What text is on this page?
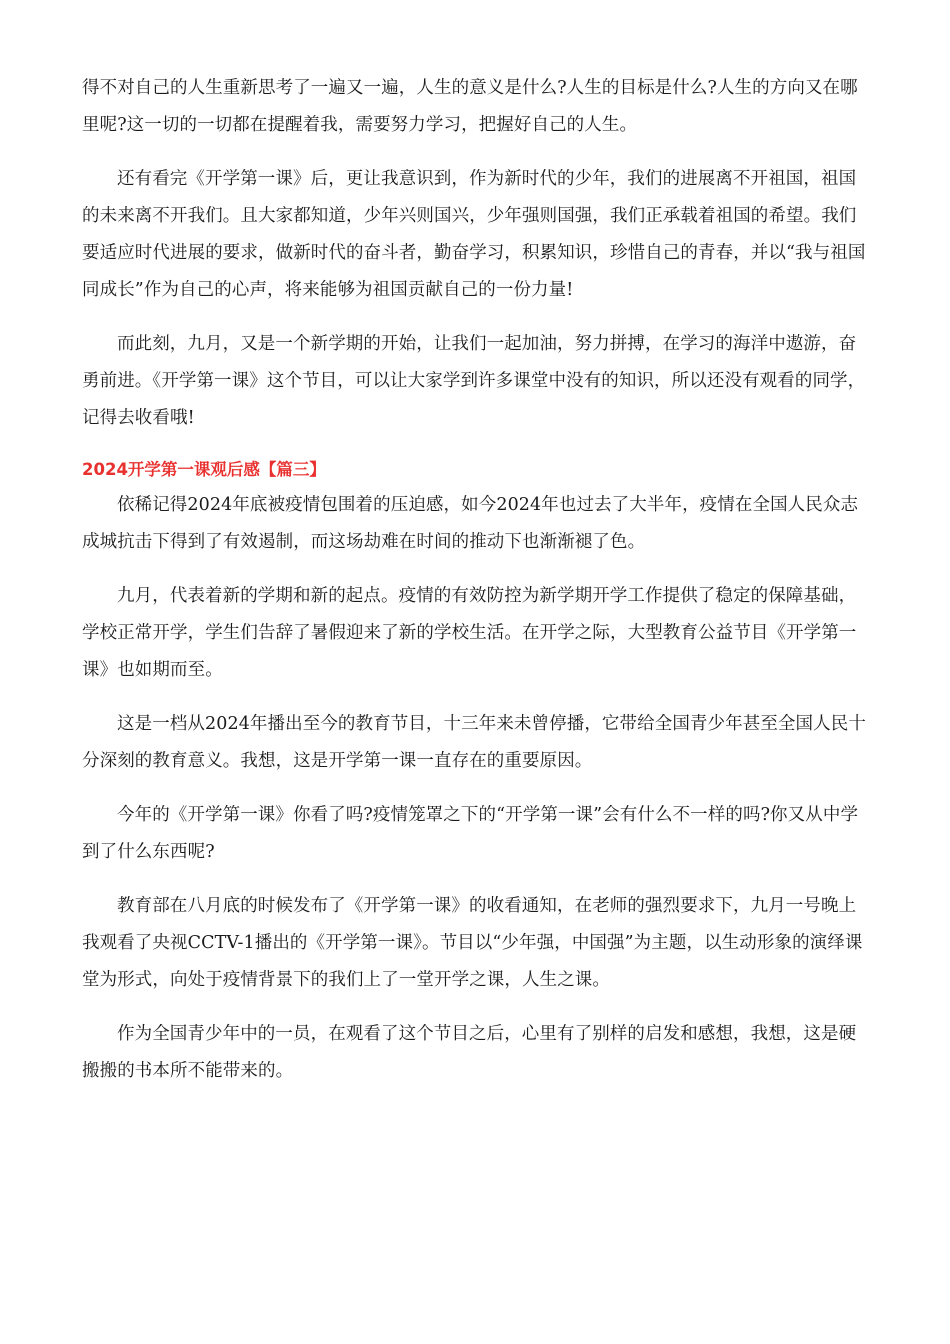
得不对自己的人生重新思考了一遍又一遍，人生的意义是什么?人生的目标是什么?人生的方向又在哪里呢?这一切的一切都在提醒着我，需要努力学习，把握好自己的人生。

还有看完《开学第一课》后，更让我意识到，作为新时代的少年，我们的进展离不开祖国，祖国的未来离不开我们。且大家都知道，少年兴则国兴，少年强则国强，我们正承载着祖国的希望。我们要适应时代进展的要求，做新时代的奋斗者，勤奋学习，积累知识，珍惜自己的青春，并以“我与祖国同成长”作为自己的心声，将来能够为祖国贡献自己的一份力量!

而此刻，九月，又是一个新学期的开始，让我们一起加油，努力拼搏，在学习的海洋中遨游，奋勇前进。《开学第一课》这个节目，可以让大家学到许多课堂中没有的知识，所以还没有观看的同学，记得去收看哦!

2024开学第一课观后感【篇三】

依稀记得2024年底被疫情包围着的压迫感，如今2024年也过去了大半年，疫情在全国人民众志成城抗击下得到了有效遏制，而这场劫难在时间的推动下也渐渐褪了色。

九月，代表着新的学期和新的起点。疫情的有效防控为新学期开学工作提供了稳定的保障基础，学校正常开学，学生们告辞了暑假迎来了新的学校生活。在开学之际，大型教育公益节目《开学第一课》也如期而至。

这是一档从2024年播出至今的教育节目，十三年来未曾停播，它带给全国青少年甚至全国人民十分深刻的教育意义。我想，这是开学第一课一直存在的重要原因。

今年的《开学第一课》你看了吗?疫情笼罩之下的“开学第一课”会有什么不一样的吗?你又从中学到了什么东西呢?

教育部在八月底的时候发布了《开学第一课》的收看通知，在老师的强烈要求下，九月一号晚上我观看了央视CCTV-1播出的《开学第一课》。节目以“少年强，中国强”为主题，以生动形象的演绎课堂为形式，向处于疫情背景下的我们上了一堂开学之课，人生之课。

作为全国青少年中的一员，在观看了这个节目之后，心里有了别样的启发和感想，我想，这是硬搬搬的书本所不能带来的。
